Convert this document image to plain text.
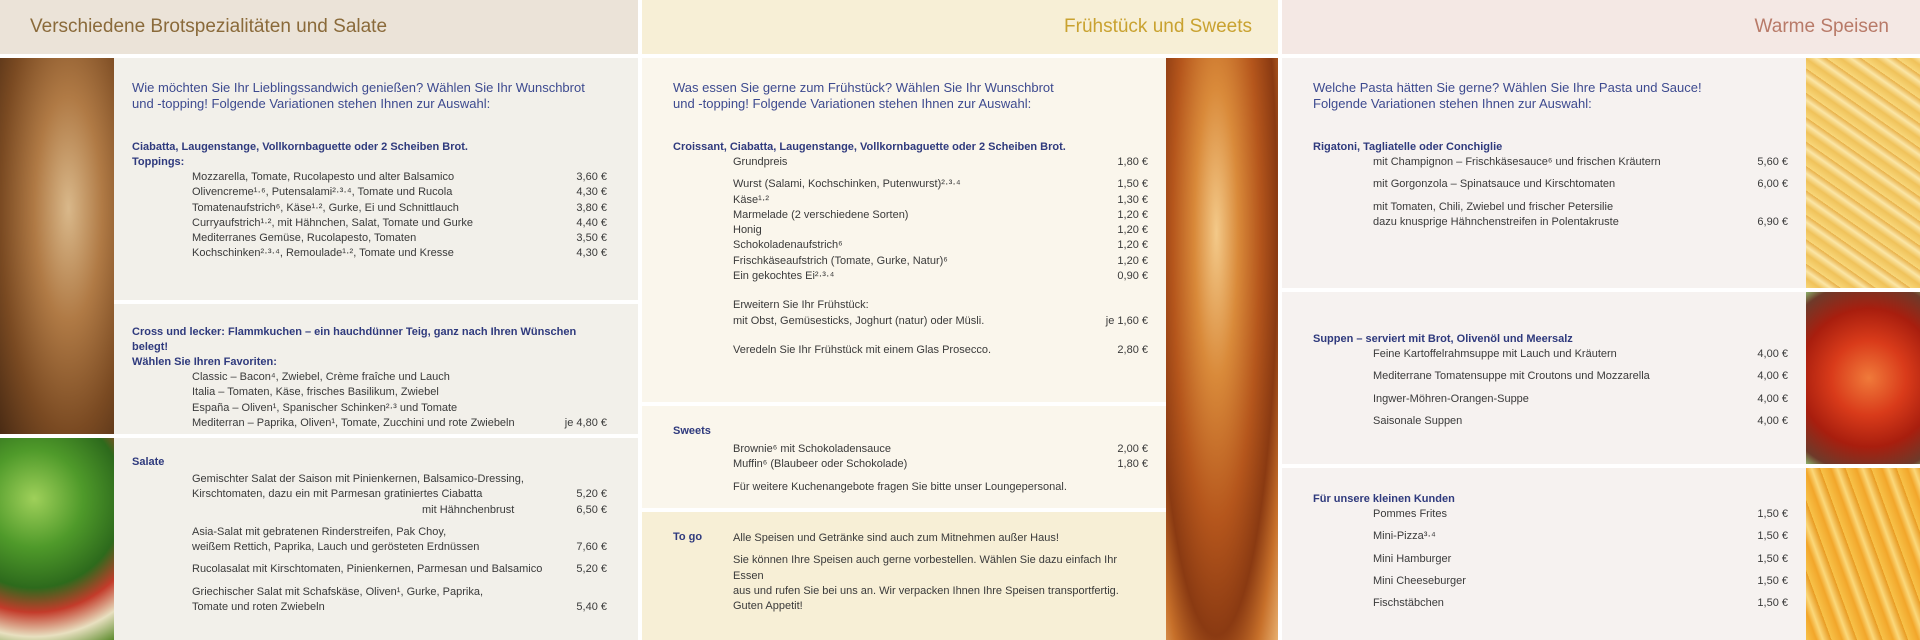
Verschiedene Brotspezialitäten und Salate
Wie möchten Sie Ihr Lieblingssandwich genießen? Wählen Sie Ihr Wunschbrot
und -topping! Folgende Variationen stehen Ihnen zur Auswahl:
Ciabatta, Laugenstange, Vollkornbaguette oder 2 Scheiben Brot.
Toppings:
Mozzarella, Tomate, Rucolapesto und alter Balsamico	3,60 €
Olivencreme¹·⁶, Putensalami²·³·⁴, Tomate und Rucola	4,30 €
Tomatenaufstrich⁶, Käse¹·², Gurke, Ei und Schnittlauch	3,80 €
Curryaufstrich¹·², mit Hähnchen, Salat, Tomate und Gurke	4,40 €
Mediterranes Gemüse, Rucolapesto, Tomaten	3,50 €
Kochschinken²·³·⁴, Remoulade¹·², Tomate und Kresse	4,30 €
Cross und lecker: Flammkuchen – ein hauchdünner Teig, ganz nach Ihren Wünschen belegt!
Wählen Sie Ihren Favoriten:
Classic – Bacon⁴, Zwiebel, Crème fraîche und Lauch
Italia – Tomaten, Käse, frisches Basilikum, Zwiebel
España – Oliven¹, Spanischer Schinken²·³ und Tomate
Mediterran – Paprika, Oliven¹, Tomate, Zucchini und rote Zwiebeln	je 4,80 €
Salate
Gemischter Salat der Saison mit Pinienkernen, Balsamico-Dressing,
Kirschtomaten, dazu ein mit Parmesan gratiniertes Ciabatta	5,20 €
mit Hähnchenbrust	6,50 €
Asia-Salat mit gebratenen Rinderstreifen, Pak Choy,
weißem Rettich, Paprika, Lauch und gerösteten Erdnüssen	7,60 €
Rucolasalat mit Kirschtomaten, Pinienkernen, Parmesan und Balsamico	5,20 €
Griechischer Salat mit Schafskäse, Oliven¹, Gurke, Paprika,
Tomate und roten Zwiebeln	5,40 €
Frühstück und Sweets
Was essen Sie gerne zum Frühstück? Wählen Sie Ihr Wunschbrot
und -topping! Folgende Variationen stehen Ihnen zur Auswahl:
Croissant, Ciabatta, Laugenstange, Vollkornbaguette oder 2 Scheiben Brot.
Grundpreis	1,80 €
Wurst (Salami, Kochschinken, Putenwurst)²·³·⁴	1,50 €
Käse¹·²	1,30 €
Marmelade (2 verschiedene Sorten)	1,20 €
Honig	1,20 €
Schokoladenaufstrich⁶	1,20 €
Frischkäseaufstrich (Tomate, Gurke, Natur)⁶	1,20 €
Ein gekochtes Ei²·³·⁴	0,90 €
Erweitern Sie Ihr Frühstück:
mit Obst, Gemüsesticks, Joghurt (natur) oder Müsli.	je 1,60 €
Veredeln Sie Ihr Frühstück mit einem Glas Prosecco.	2,80 €
Sweets
Brownie⁶ mit Schokoladensauce	2,00 €
Muffin⁶ (Blaubeer oder Schokolade)	1,80 €
Für weitere Kuchenangebote fragen Sie bitte unser Loungepersonal.
To go	Alle Speisen und Getränke sind auch zum Mitnehmen außer Haus!
Sie können Ihre Speisen auch gerne vorbestellen. Wählen Sie dazu einfach Ihr Essen
aus und rufen Sie bei uns an. Wir verpacken Ihnen Ihre Speisen transportfertig.
Guten Appetit!
Warme Speisen
Welche Pasta hätten Sie gerne? Wählen Sie Ihre Pasta und Sauce!
Folgende Variationen stehen Ihnen zur Auswahl:
Rigatoni, Tagliatelle oder Conchiglie
mit Champignon – Frischkäsesauce⁶ und frischen Kräutern	5,60 €
mit Gorgonzola – Spinatsauce und Kirschtomaten	6,00 €
mit Tomaten, Chili, Zwiebel und frischer Petersilie
dazu knusprige Hähnchenstreifen in Polentakruste	6,90 €
Suppen – serviert mit Brot, Olivenöl und Meersalz
Feine Kartoffelrahmsuppe mit Lauch und Kräutern	4,00 €
Mediterrane Tomatensuppe mit Croutons und Mozzarella	4,00 €
Ingwer-Möhren-Orangen-Suppe	4,00 €
Saisonale Suppen	4,00 €
Für unsere kleinen Kunden
Pommes Frites	1,50 €
Mini-Pizza³·⁴	1,50 €
Mini Hamburger	1,50 €
Mini Cheeseburger	1,50 €
Fischstäbchen	1,50 €
